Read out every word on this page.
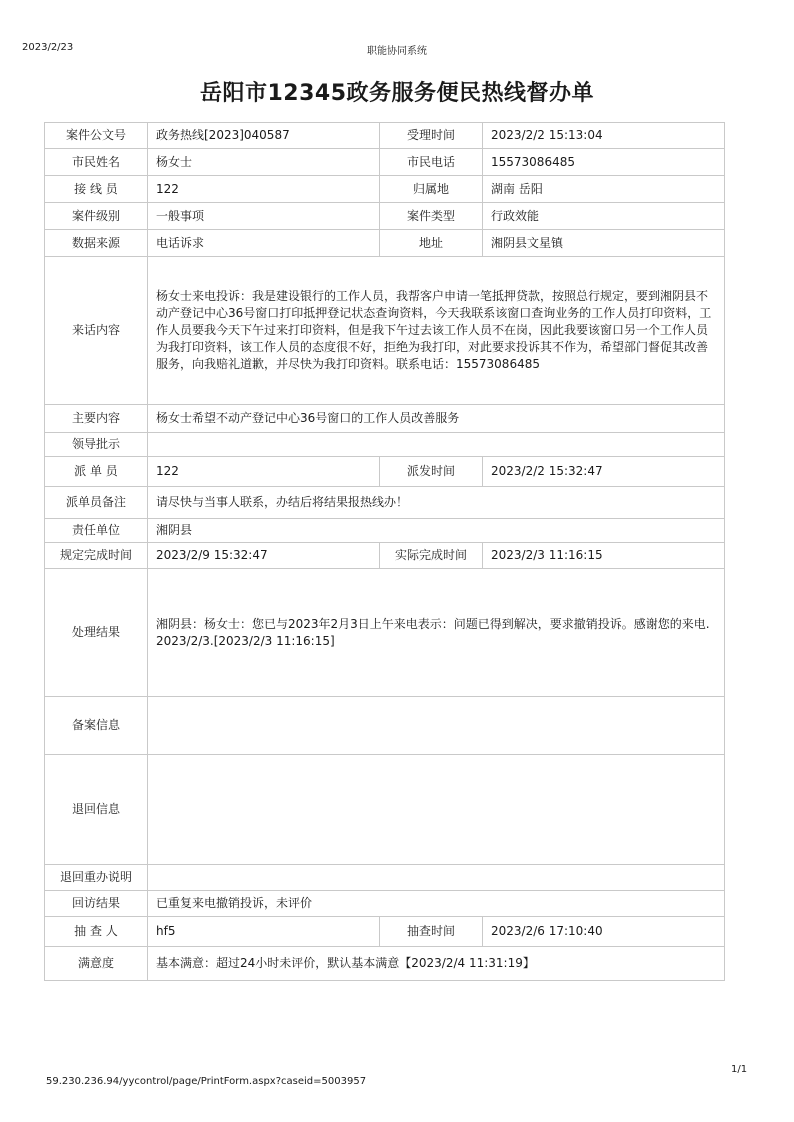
2023/2/23	职能协同系统
岳阳市12345政务服务便民热线督办单
案件公文号	政务热线[2023]040587	受理时间	2023/2/2 15:13:04
市民姓名	杨女士	市民电话	15573086485
接 线 员	122	归属地	湖南 岳阳
案件级别	一般事项	案件类型	行政效能
数据来源	电话诉求	地址	湘阴县文星镇
来话内容	杨女士来电投诉：我是建设银行的工作人员，我帮客户申请一笔抵押贷款，按照总行规定，要到湘阴县不动产登记中心36号窗口打印抵押登记状态查询资料，今天我联系该窗口查询业务的工作人员打印资料，工作人员要我今天下午过来打印资料，但是我下午过去该工作人员不在岗，因此我要该窗口另一个工作人员为我打印资料，该工作人员的态度很不好，拒绝为我打印，对此要求投诉其不作为，希望部门督促其改善服务，向我赔礼道歉，并尽快为我打印资料。联系电话：15573086485		
主要内容	杨女士希望不动产登记中心36号窗口的工作人员改善服务		
领导批示			
派 单 员	122	派发时间	2023/2/2 15:32:47
派单员备注	请尽快与当事人联系，办结后将结果报热线办！		
责任单位	湘阴县		
规定完成时间	2023/2/9 15:32:47	实际完成时间	2023/2/3 11:16:15
处理结果	湘阴县：杨女士：您已与2023年2月3日上午来电表示：问题已得到解决，要求撤销投诉。感谢您的来电. 2023/2/3.[2023/2/3 11:16:15]		
备案信息			
退回信息			
退回重办说明			
回访结果	已重复来电撤销投诉，未评价		
抽 查 人	hf5	抽查时间	2023/2/6 17:10:40
满意度	基本满意：超过24小时未评价，默认基本满意【2023/2/4 11:31:19】		
1/1
59.230.236.94/yycontrol/page/PrintForm.aspx?caseid=5003957
